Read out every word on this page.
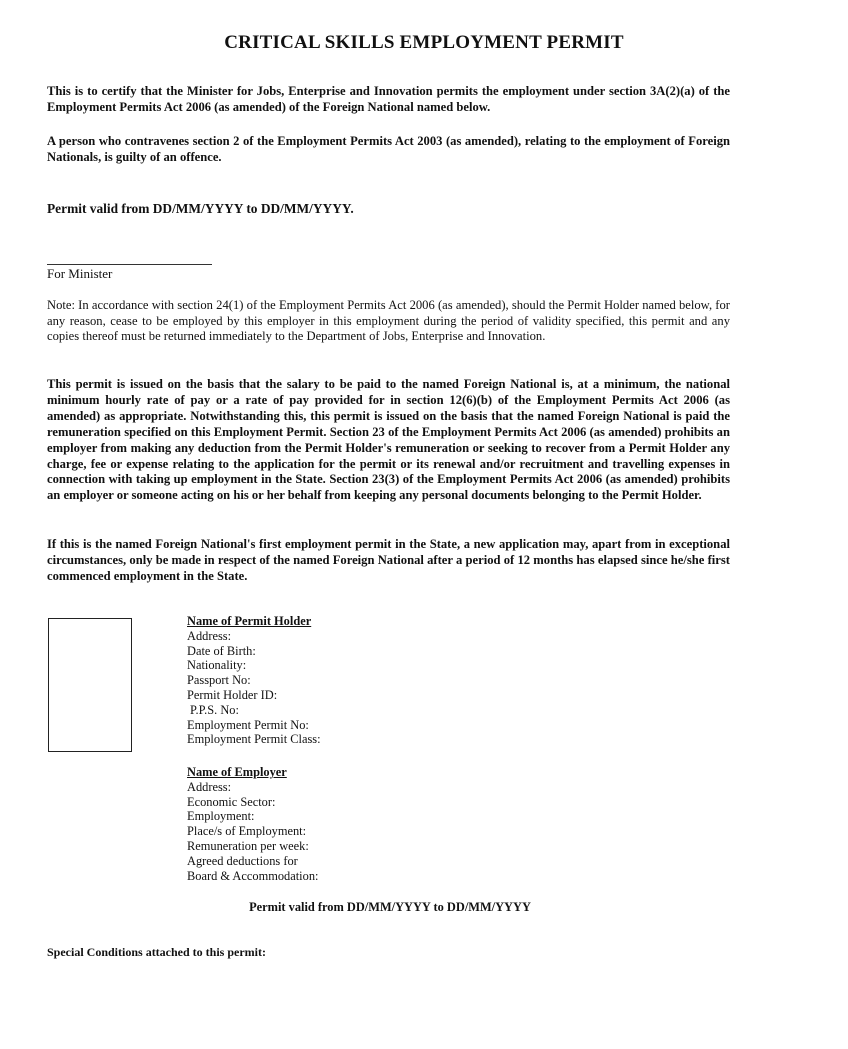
CRITICAL SKILLS EMPLOYMENT PERMIT

This is to certify that the Minister for Jobs, Enterprise and Innovation permits the employment under section 3A(2)(a) of the Employment Permits Act 2006 (as amended) of the Foreign National named below.

A person who contravenes section 2 of the Employment Permits Act 2003 (as amended), relating to the employment of Foreign Nationals, is guilty of an offence.

Permit valid from DD/MM/YYYY to DD/MM/YYYY.

For Minister

Note: In accordance with section 24(1) of the Employment Permits Act 2006 (as amended), should the Permit Holder named below, for any reason, cease to be employed by this employer in this employment during the period of validity specified, this permit and any copies thereof must be returned immediately to the Department of Jobs, Enterprise and Innovation.

This permit is issued on the basis that the salary to be paid to the named Foreign National is, at a minimum, the national minimum hourly rate of pay or a rate of pay provided for in section 12(6)(b) of the Employment Permits Act 2006 (as amended) as appropriate. Notwithstanding this, this permit is issued on the basis that the named Foreign National is paid the remuneration specified on this Employment Permit. Section 23 of the Employment Permits Act 2006 (as amended) prohibits an employer from making any deduction from the Permit Holder's remuneration or seeking to recover from a Permit Holder any charge, fee or expense relating to the application for the permit or its renewal and/or recruitment and travelling expenses in connection with taking up employment in the State. Section 23(3) of the Employment Permits Act 2006 (as amended) prohibits an employer or someone acting on his or her behalf from keeping any personal documents belonging to the Permit Holder.

If this is the named Foreign National's first employment permit in the State, a new application may, apart from in exceptional circumstances, only be made in respect of the named Foreign National after a period of 12 months has elapsed since he/she first commenced employment in the State.

Name of Permit Holder
Address:
Date of Birth:
Nationality:
Passport No:
Permit Holder ID:
P.P.S. No:
Employment Permit No:
Employment Permit Class:
Name of Employer
Address:
Economic Sector:
Employment:
Place/s of Employment:
Remuneration per week:
Agreed deductions for
Board & Accommodation:
Permit valid from DD/MM/YYYY to DD/MM/YYYY
Special Conditions attached to this permit:
